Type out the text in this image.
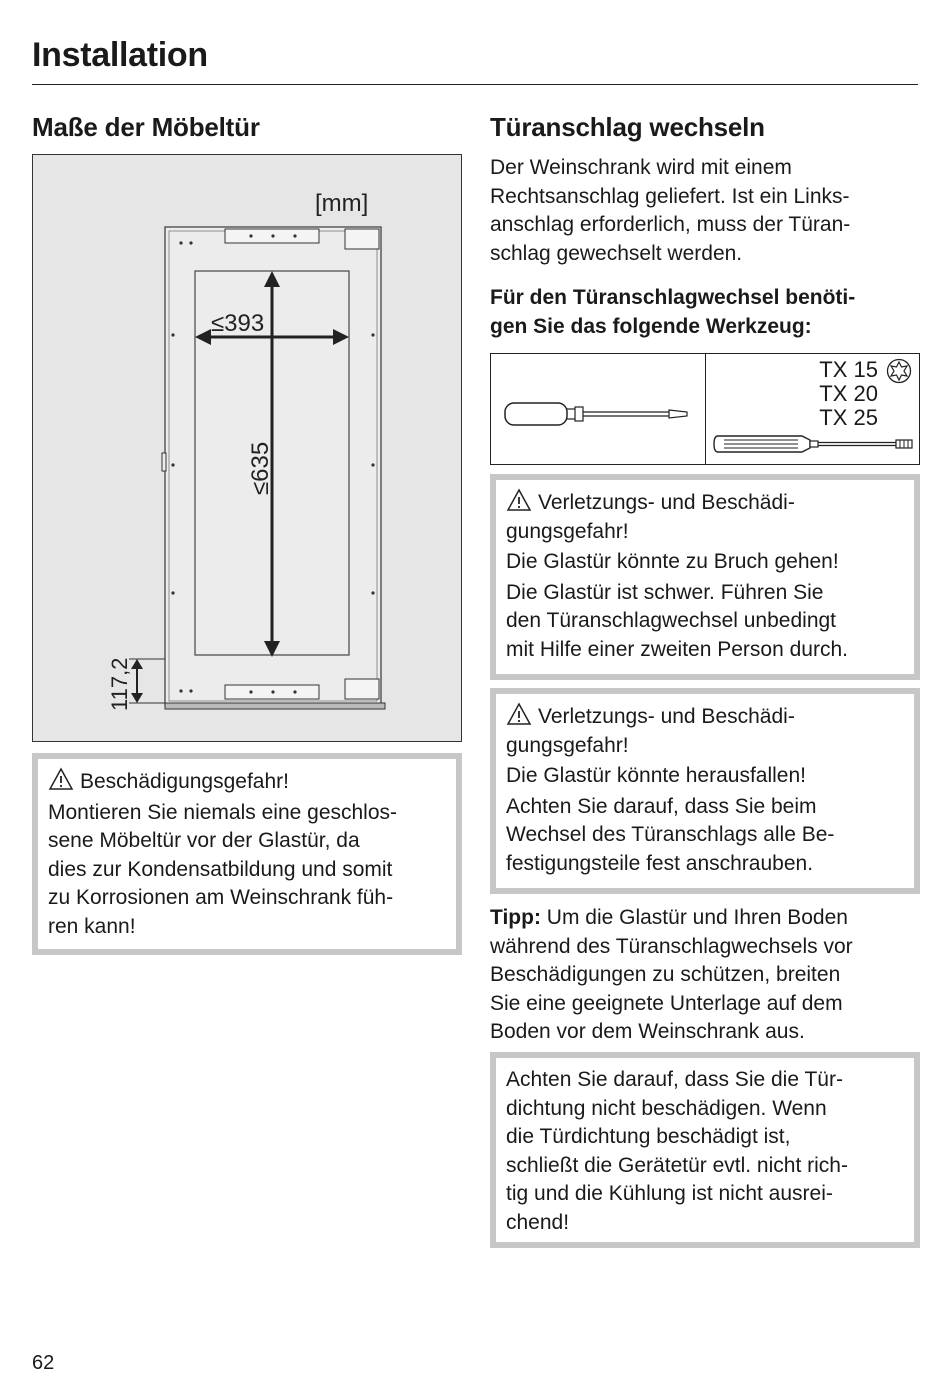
Installation
Maße der Möbeltür
[mm]
≤393
≤635
117,2
Beschädigungsgefahr!
Montieren Sie niemals eine geschlos-
sene Möbeltür vor der Glastür, da
dies zur Kondensatbildung und somit
zu Korrosionen am Weinschrank füh-
ren kann!
Türanschlag wechseln
Der Weinschrank wird mit einem
Rechtsanschlag geliefert. Ist ein Links-
anschlag erforderlich, muss der Türan-
schlag gewechselt werden.
Für den Türanschlagwechsel benöti-
gen Sie das folgende Werkzeug:
TX 15
TX 20
TX 25
Verletzungs- und Beschädi-
gungsgefahr!
Die Glastür könnte zu Bruch gehen!
Die Glastür ist schwer. Führen Sie
den Türanschlagwechsel unbedingt
mit Hilfe einer zweiten Person durch.
Verletzungs- und Beschädi-
gungsgefahr!
Die Glastür könnte herausfallen!
Achten Sie darauf, dass Sie beim
Wechsel des Türanschlags alle Be-
festigungsteile fest anschrauben.
Tipp: Um die Glastür und Ihren Boden
während des Türanschlagwechsels vor
Beschädigungen zu schützen, breiten
Sie eine geeignete Unterlage auf dem
Boden vor dem Weinschrank aus.
Achten Sie darauf, dass Sie die Tür-
dichtung nicht beschädigen. Wenn
die Türdichtung beschädigt ist,
schließt die Gerätetür evtl. nicht rich-
tig und die Kühlung ist nicht ausrei-
chend!
62
